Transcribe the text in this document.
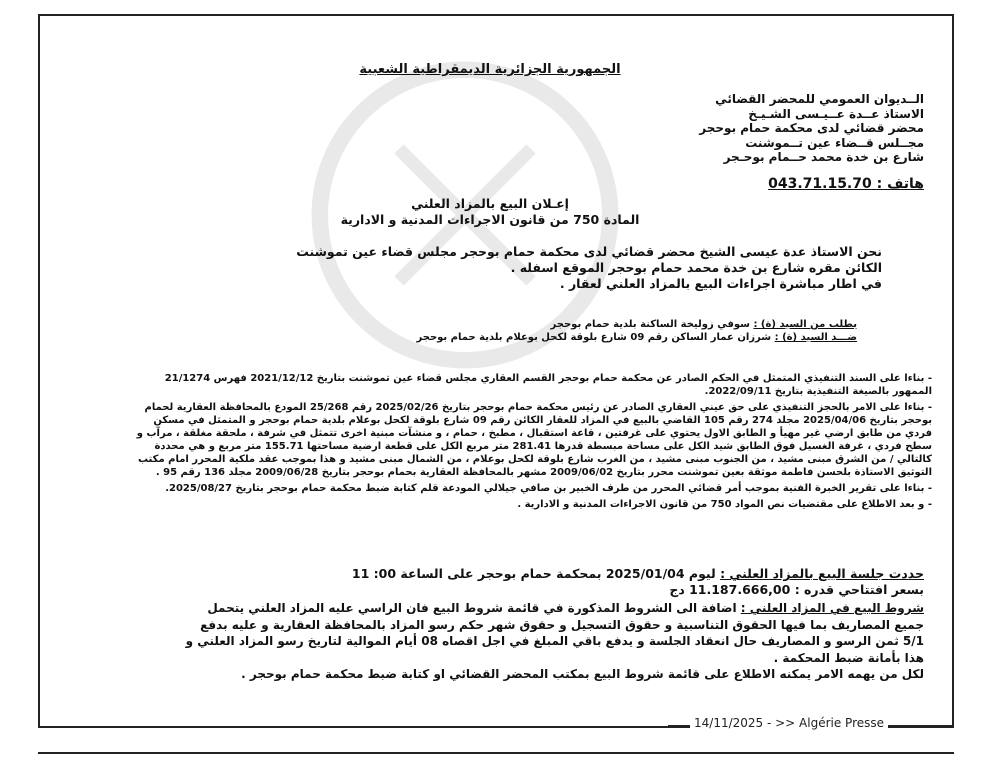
الجمهورية الجزائرية الديمقراطية الشعبية
الــديوان العمومي للمحضر القضائي
الاستاذ عــدة عــيـسى الشـيـخ
محضر قضائي لدى محكمة حمام بوحجر
مجــلس قــضاء عين تــموشنت
شارع بن خدة محمد حــمام بوحـجر
هاتف : 043.71.15.70
إعـلان البيع بالمزاد العلني
المادة 750 من قانون الاجراءات المدنية و الادارية
نحن الاستاذ عدة عيسى الشيخ محضر قضائي لدى محكمة حمام بوحجر مجلس قضاء عين تموشنت
الكائن مقره شارع بن خدة محمد حمام بوحجر الموقع اسفله .
في اطار مباشرة اجراءات البيع بالمزاد العلني لعقار .
بطلب من السيد (ة) : سوفي زوليخة الساكنة بلدية حمام بوحجر
ضـــد السيد (ة) : شرزان عمار الساكن رقم 09 شارع بلوقة لكحل بوعلام بلدية حمام بوحجر

- بناءا على السند التنفيذي المتمثل في الحكم الصادر عن محكمة حمام بوحجر القسم العقاري مجلس قضاء عين تموشنت بتاريخ 2021/12/12 فهرس 21/1274 الممهور بالصيغة التنفيذية بتاريخ 2022/09/11.

- بناءا على الامر بالحجز التنفيذي على حق عيني العقاري الصادر عن رئيس محكمة حمام بوحجر بتاريخ 2025/02/26 رقم 25/268 المودع بالمحافظة العقارية لحمام بوحجر بتاريخ 2025/04/06 مجلد 274 رقم 105 القاضي بالبيع في المزاد للعقار الكائن رقم 09 شارع بلوقة لكحل بوعلام بلدية حمام بوحجر و المتمثل في مسكن فردي من طابق ارضي غير مهيأ و الطابق الاول يحتوي على غرفتين ، قاعة استقبال ، مطبخ ، حمام ، و منشآت مبنية اخرى تتمثل في شرفة ، ملحقة مغلقة ، مرآب و سطح فردي ، غرفة الغسيل فوق الطابق شيد الكل على مساحة مبسطة قدرها 281.41 متر مربع الكل على قطعة ارضية مساحتها 155.71 متر مربع و هي محددة كالتالي / من الشرق مبنى مشيد ، من الجنوب مبنى مشيد ، من الغرب شارع بلوقة لكحل بوعلام ، من الشمال مبنى مشيد و هذا بموجب عقد ملكية المحرر امام مكتب التوثيق الاستاذة بلحسن فاطمة موثقة بعين تموشنت محرر بتاريخ 2009/06/02 مشهر بالمحافظة العقارية بحمام بوحجر بتاريخ 2009/06/28 مجلد 136 رقم 95 .

- بناءا على تقرير الخبرة الفنية بموجب أمر قضائي المحرر من طرف الخبير بن صافي جيلالي المودعة قلم كتابة ضبط محكمة حمام بوحجر بتاريخ 2025/08/27.

- و بعد الاطلاع على مقتضيات نص المواد 750 من قانون الاجراءات المدنية و الادارية .

حددت جلسة البيع بالمزاد العلني : ليوم 2025/01/04 بمحكمة حمام بوحجر على الساعة 00: 11
بسعر افتتاحي قدره : 11.187.666,00 دج
شروط البيع في المزاد العلني : اضافة الى الشروط المذكورة في قائمة شروط البيع فان الراسي عليه المزاد العلني يتحمل جميع المصاريف بما فيها الحقوق التناسبية و حقوق التسجيل و حقوق شهر حكم رسو المزاد بالمحافظة العقارية و عليه بدفع 5/1 ثمن الرسو و المصاريف حال انعقاد الجلسة و يدفع باقي المبلغ في اجل اقصاه 08 أيام الموالية لتاريخ رسو المزاد العلني و هذا بأمانة ضبط المحكمة .
لكل من يهمه الامر يمكنه الاطلاع على قائمة شروط البيع بمكتب المحضر القضائي او كتابة ضبط محكمة حمام بوحجر .
14/11/2025 - >> Algérie Presse
